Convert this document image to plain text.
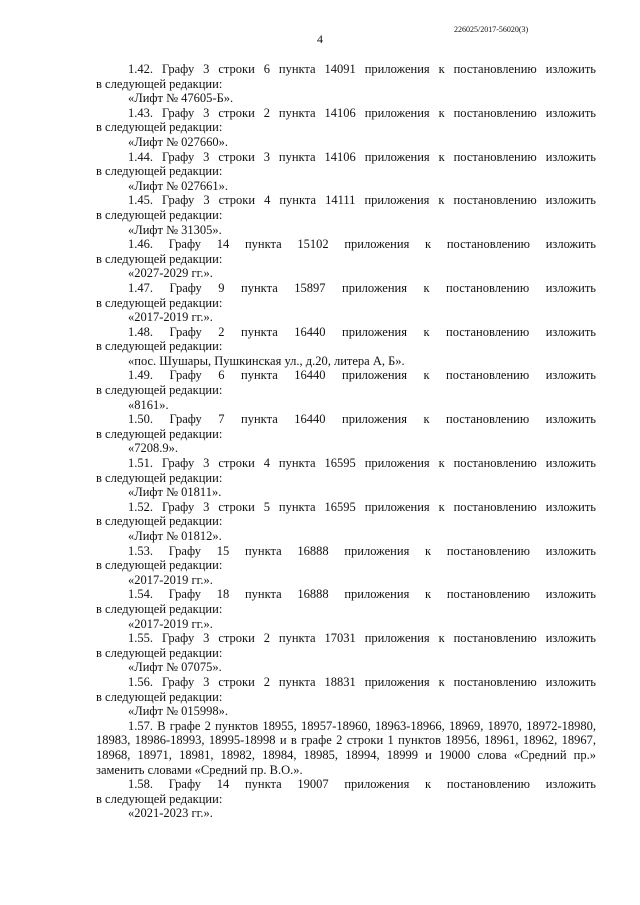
4
226025/2017-56020(3)
1.42. Графу 3 строки 6 пункта 14091 приложения к постановлению изложить
в следующей редакции:
«Лифт № 47605-Б».
1.43. Графу 3 строки 2 пункта 14106 приложения к постановлению изложить
в следующей редакции:
«Лифт № 027660».
1.44. Графу 3 строки 3 пункта 14106 приложения к постановлению изложить
в следующей редакции:
«Лифт № 027661».
1.45. Графу 3 строки 4 пункта 14111 приложения к постановлению изложить
в следующей редакции:
«Лифт № 31305».
1.46. Графу 14 пункта 15102 приложения к постановлению изложить
в следующей редакции:
«2027-2029 гг.».
1.47. Графу 9 пункта 15897 приложения к постановлению изложить
в следующей редакции:
«2017-2019 гг.».
1.48. Графу 2 пункта 16440 приложения к постановлению изложить
в следующей редакции:
«пос. Шушары, Пушкинская ул., д.20, литера А, Б».
1.49. Графу 6 пункта 16440 приложения к постановлению изложить
в следующей редакции:
«8161».
1.50. Графу 7 пункта 16440 приложения к постановлению изложить
в следующей редакции:
«7208.9».
1.51. Графу 3 строки 4 пункта 16595 приложения к постановлению изложить
в следующей редакции:
«Лифт № 01811».
1.52. Графу 3 строки 5 пункта 16595 приложения к постановлению изложить
в следующей редакции:
«Лифт № 01812».
1.53. Графу 15 пункта 16888 приложения к постановлению изложить
в следующей редакции:
«2017-2019 гг.».
1.54. Графу 18 пункта 16888 приложения к постановлению изложить
в следующей редакции:
«2017-2019 гг.».
1.55. Графу 3 строки 2 пункта 17031 приложения к постановлению изложить
в следующей редакции:
«Лифт № 07075».
1.56. Графу 3 строки 2 пункта 18831 приложения к постановлению изложить
в следующей редакции:
«Лифт № 015998».
1.57. В графе 2 пунктов 18955, 18957-18960, 18963-18966, 18969, 18970, 18972-18980,
18983, 18986-18993, 18995-18998 и в графе 2 строки 1 пунктов 18956, 18961, 18962, 18967,
18968, 18971, 18981, 18982, 18984, 18985, 18994, 18999 и 19000 слова «Средний пр.»
заменить словами «Средний пр. В.О.».
1.58. Графу 14 пункта 19007 приложения к постановлению изложить
в следующей редакции:
«2021-2023 гг.».
